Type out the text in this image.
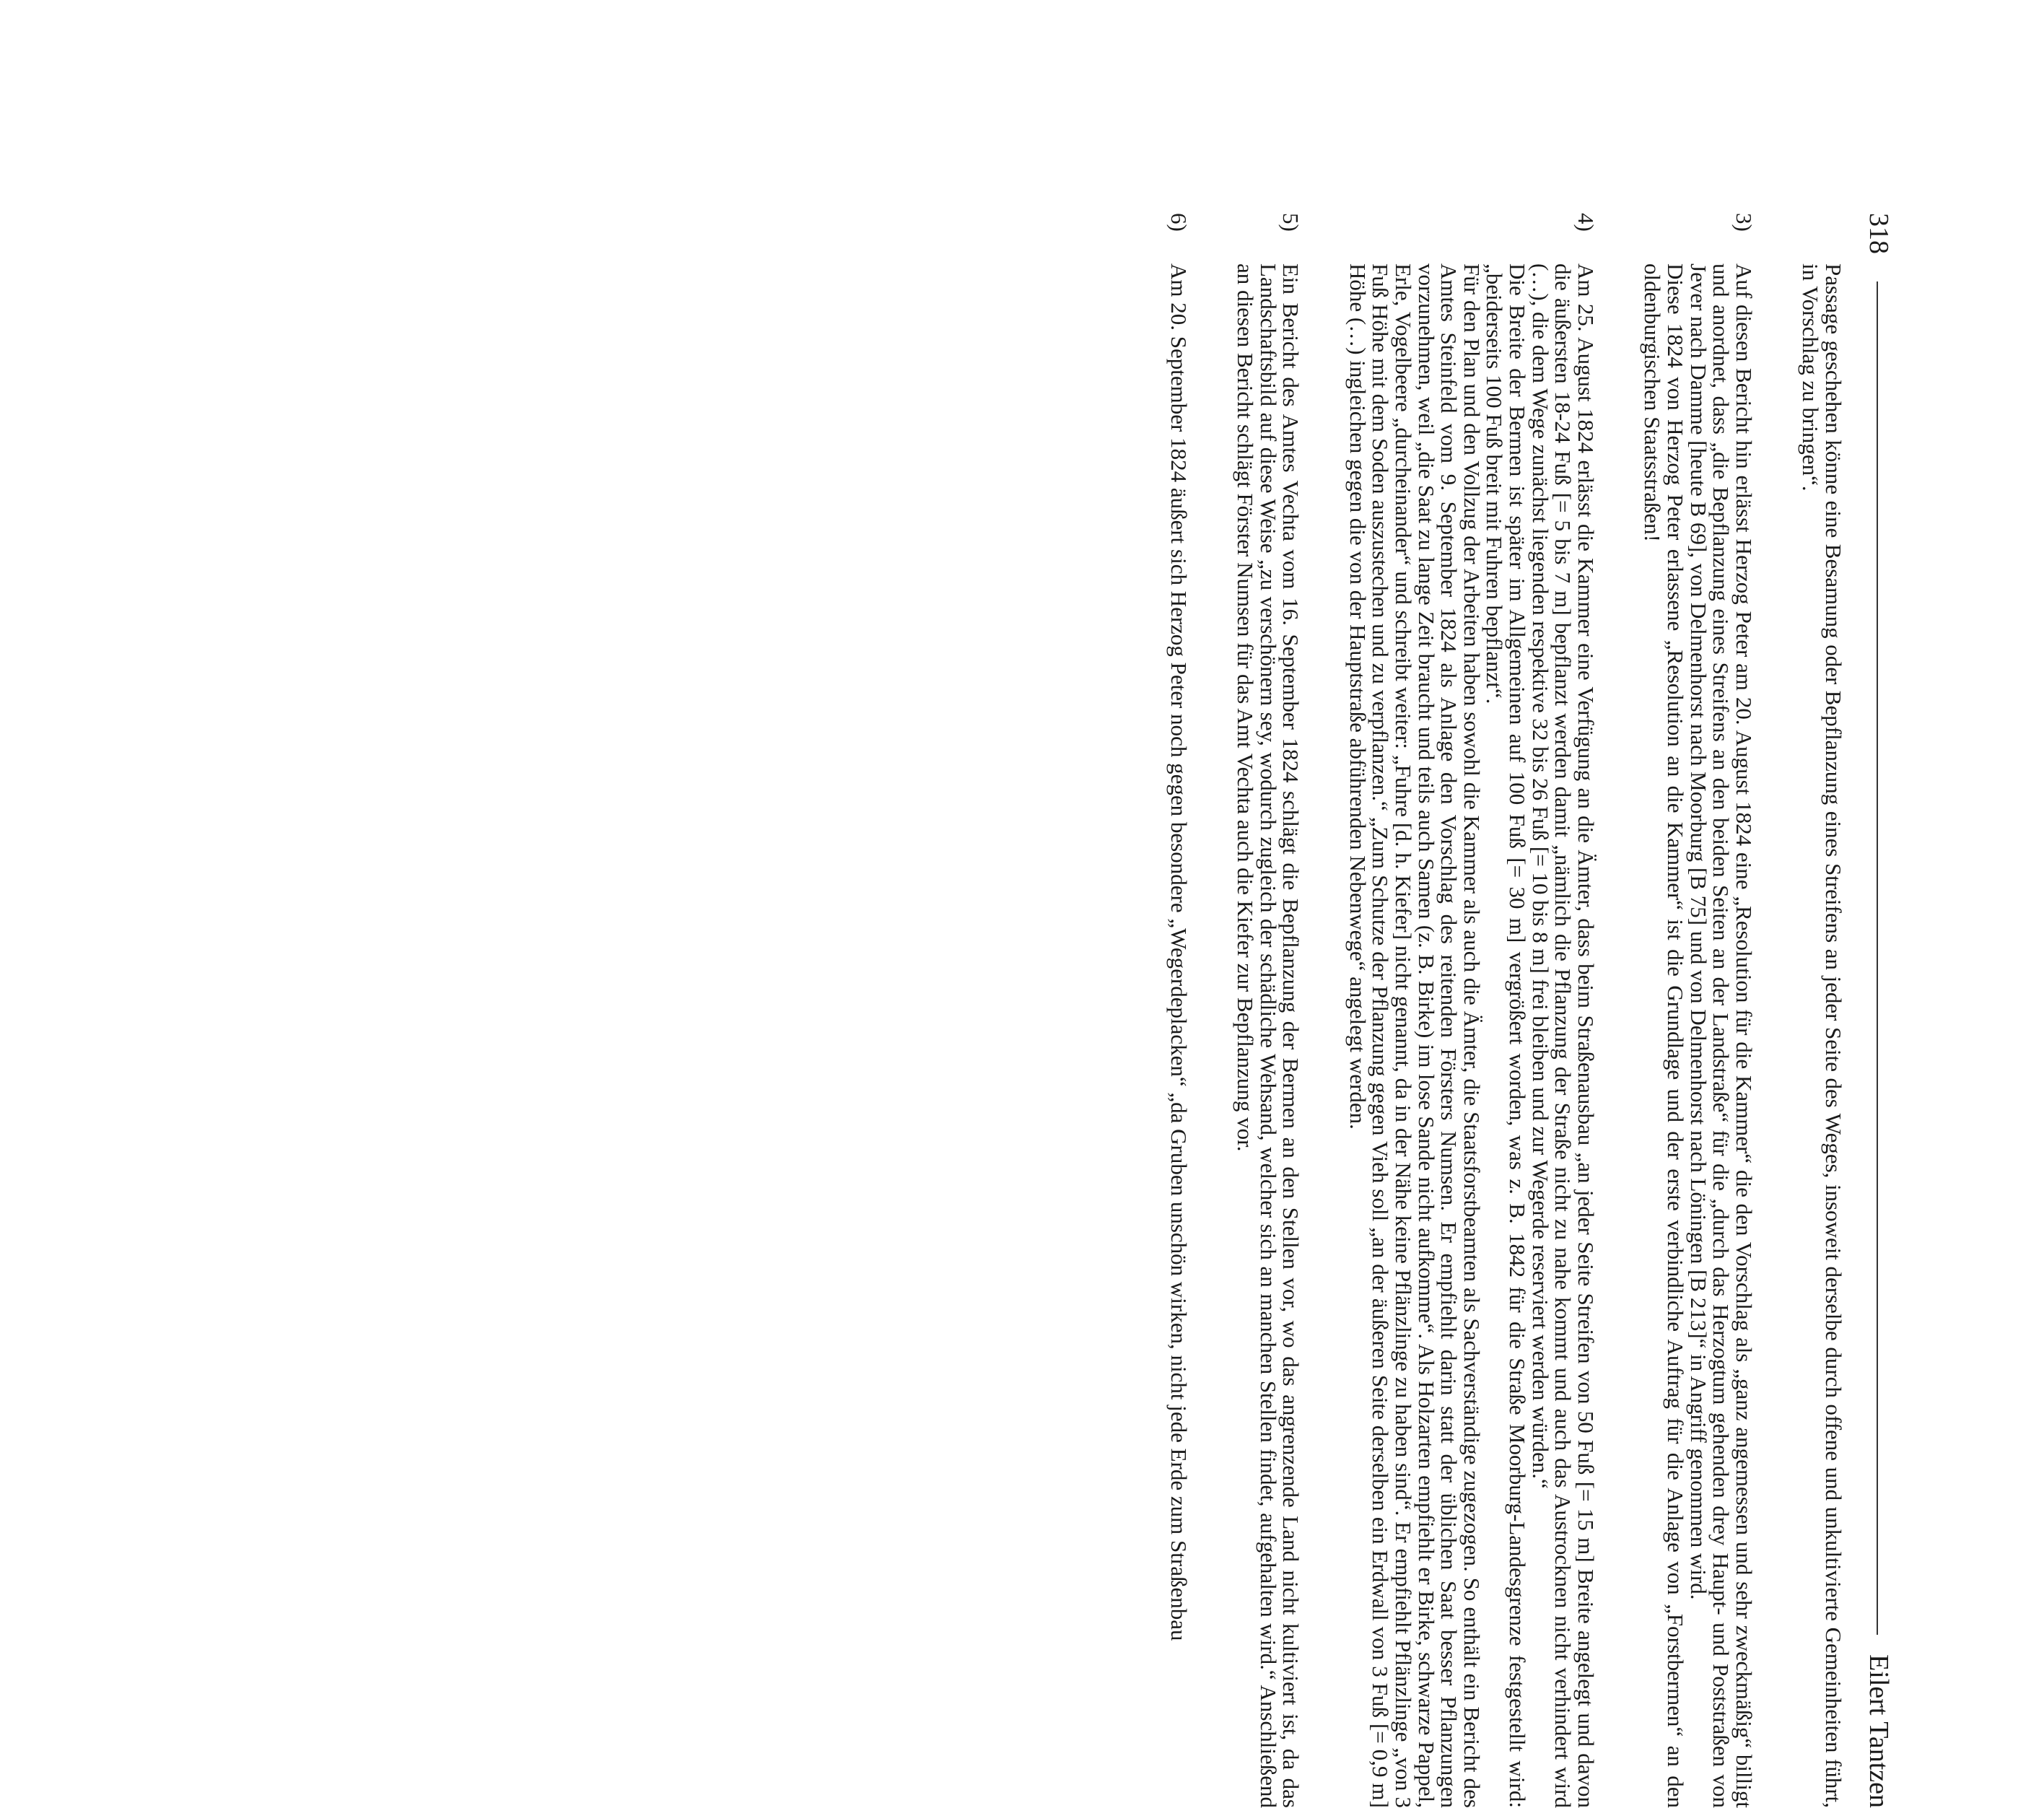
318
Eilert Tantzen

Passage geschehen könne eine Besamung oder Bepflanzung eines Streifens an jeder Seite des Weges, insoweit derselbe durch offene und unkultivierte Gemeinheiten führt, in Vorschlag zu bringen“.

3)

Auf diesen Bericht hin erlässt Herzog Peter am 20. August 1824 eine „Resolution für die Kammer“ die den Vorschlag als „ganz angemessen und sehr zweckmäßig“ billigt und anordnet, dass „die Bepflanzung eines Streifens an den beiden Seiten an der Landstraße“ für die „durch das Herzogtum gehenden drey Haupt- und Poststraßen von Jever nach Damme [heute B 69], von Delmenhorst nach Moorburg [B 75] und von Delmenhorst nach Löningen [B 213]“ in Angriff genommen wird.

Diese 1824 von Herzog Peter erlassene „Resolution an die Kammer“ ist die Grundlage und der erste verbindliche Auftrag für die Anlage von „Forstbermen“ an den oldenburgischen Staatsstraßen!

4)

Am 25. August 1824 erlässt die Kammer eine Verfügung an die Ämter, dass beim Straßenausbau „an jeder Seite Streifen von 50 Fuß [= 15 m] Breite angelegt und davon die äußersten 18-24 Fuß [= 5 bis 7 m] bepflanzt werden damit „nämlich die Pflanzung der Straße nicht zu nahe kommt und auch das Austrocknen nicht verhindert wird (…), die dem Wege zunächst liegenden respektive 32 bis 26 Fuß [= 10 bis 8 m] frei bleiben und zur Wegerde reserviert werden würden.“

Die Breite der Bermen ist später im Allgemeinen auf 100 Fuß [= 30 m] vergrößert worden, was z. B. 1842 für die Straße Moorburg-Landesgrenze festgestellt wird: „beiderseits 100 Fuß breit mit Fuhren bepflanzt“.

Für den Plan und den Vollzug der Arbeiten haben sowohl die Kammer als auch die Ämter, die Staatsforstbeamten als Sachverständige zugezogen. So enthält ein Bericht des Amtes Steinfeld vom 9. September 1824 als Anlage den Vorschlag des reitenden Försters Numsen. Er empfiehlt darin statt der üblichen Saat besser Pflanzungen vorzunehmen, weil „die Saat zu lange Zeit braucht und teils auch Samen (z. B. Birke) im lose Sande nicht aufkomme“. Als Holzarten empfiehlt er Birke, schwarze Pappel, Erle, Vogelbeere „durcheinander“ und schreibt weiter: „Fuhre [d. h. Kiefer] nicht genannt, da in der Nähe keine Pflänzlinge zu haben sind“. Er empfiehlt Pflänzlinge „von 3 Fuß Höhe mit dem Soden auszustechen und zu verpflanzen.“ „Zum Schutze der Pflanzung gegen Vieh soll „an der äußeren Seite derselben ein Erdwall von 3 Fuß [= 0,9 m] Höhe (…) ingleichen gegen die von der Hauptstraße abführenden Nebenwege“ angelegt werden.

5)

Ein Bericht des Amtes Vechta vom 16. September 1824 schlägt die Bepflanzung der Bermen an den Stellen vor, wo das angrenzende Land nicht kultiviert ist, da das Landschaftsbild auf diese Weise „zu verschönern sey, wodurch zugleich der schädliche Wehsand, welcher sich an manchen Stellen findet, aufgehalten wird.“ Anschließend an diesen Bericht schlägt Förster Numsen für das Amt Vechta auch die Kiefer zur Bepflanzung vor.

6)

Am 20. September 1824 äußert sich Herzog Peter noch gegen besondere „Wegerdeplacken“ „da Gruben unschön wirken, nicht jede Erde zum Straßenbau
